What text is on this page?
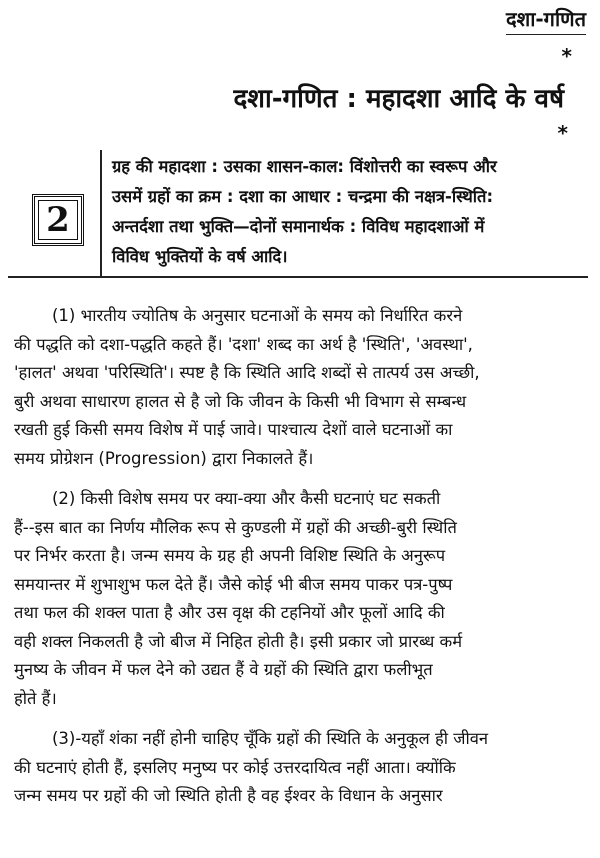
दशा-गणित
*
दशा-गणित : महादशा आदि के वर्ष
*
2
ग्रह की महादशा : उसका शासन-काल: विंशोत्तरी का स्वरूप और
उसमें ग्रहों का क्रम : दशा का आधार : चन्द्रमा की नक्षत्र-स्थिति:
अन्तर्दशा तथा भुक्ति—दोनों समानार्थक : विविध महादशाओं में
विविध भुक्तियों के वर्ष आदि।
(1) भारतीय ज्योतिष के अनुसार घटनाओं के समय को निर्धारित करने
की पद्धति को दशा-पद्धति कहते हैं। 'दशा' शब्द का अर्थ है 'स्थिति', 'अवस्था',
'हालत' अथवा 'परिस्थिति'। स्पष्ट है कि स्थिति आदि शब्दों से तात्पर्य उस अच्छी,
बुरी अथवा साधारण हालत से है जो कि जीवन के किसी भी विभाग से सम्बन्ध
रखती हुई किसी समय विशेष में पाई जावे। पाश्चात्य देशों वाले घटनाओं का
समय प्रोग्रेशन (Progression) द्वारा निकालते हैं।
(2) किसी विशेष समय पर क्या-क्या और कैसी घटनाएं घट सकती
हैं--इस बात का निर्णय मौलिक रूप से कुण्डली में ग्रहों की अच्छी-बुरी स्थिति
पर निर्भर करता है। जन्म समय के ग्रह ही अपनी विशिष्ट स्थिति के अनुरूप
समयान्तर में शुभाशुभ फल देते हैं। जैसे कोई भी बीज समय पाकर पत्र-पुष्प
तथा फल की शक्ल पाता है और उस वृक्ष की टहनियों और फूलों आदि की
वही शक्ल निकलती है जो बीज में निहित होती है। इसी प्रकार जो प्रारब्ध कर्म
मुनष्य के जीवन में फल देने को उद्यत हैं वे ग्रहों की स्थिति द्वारा फलीभूत
होते हैं।
(3)-यहाँ शंका नहीं होनी चाहिए चूँकि ग्रहों की स्थिति के अनुकूल ही जीवन
की घटनाएं होती हैं, इसलिए मनुष्य पर कोई उत्तरदायित्व नहीं आता। क्योंकि
जन्म समय पर ग्रहों की जो स्थिति होती है वह ईश्वर के विधान के अनुसार
